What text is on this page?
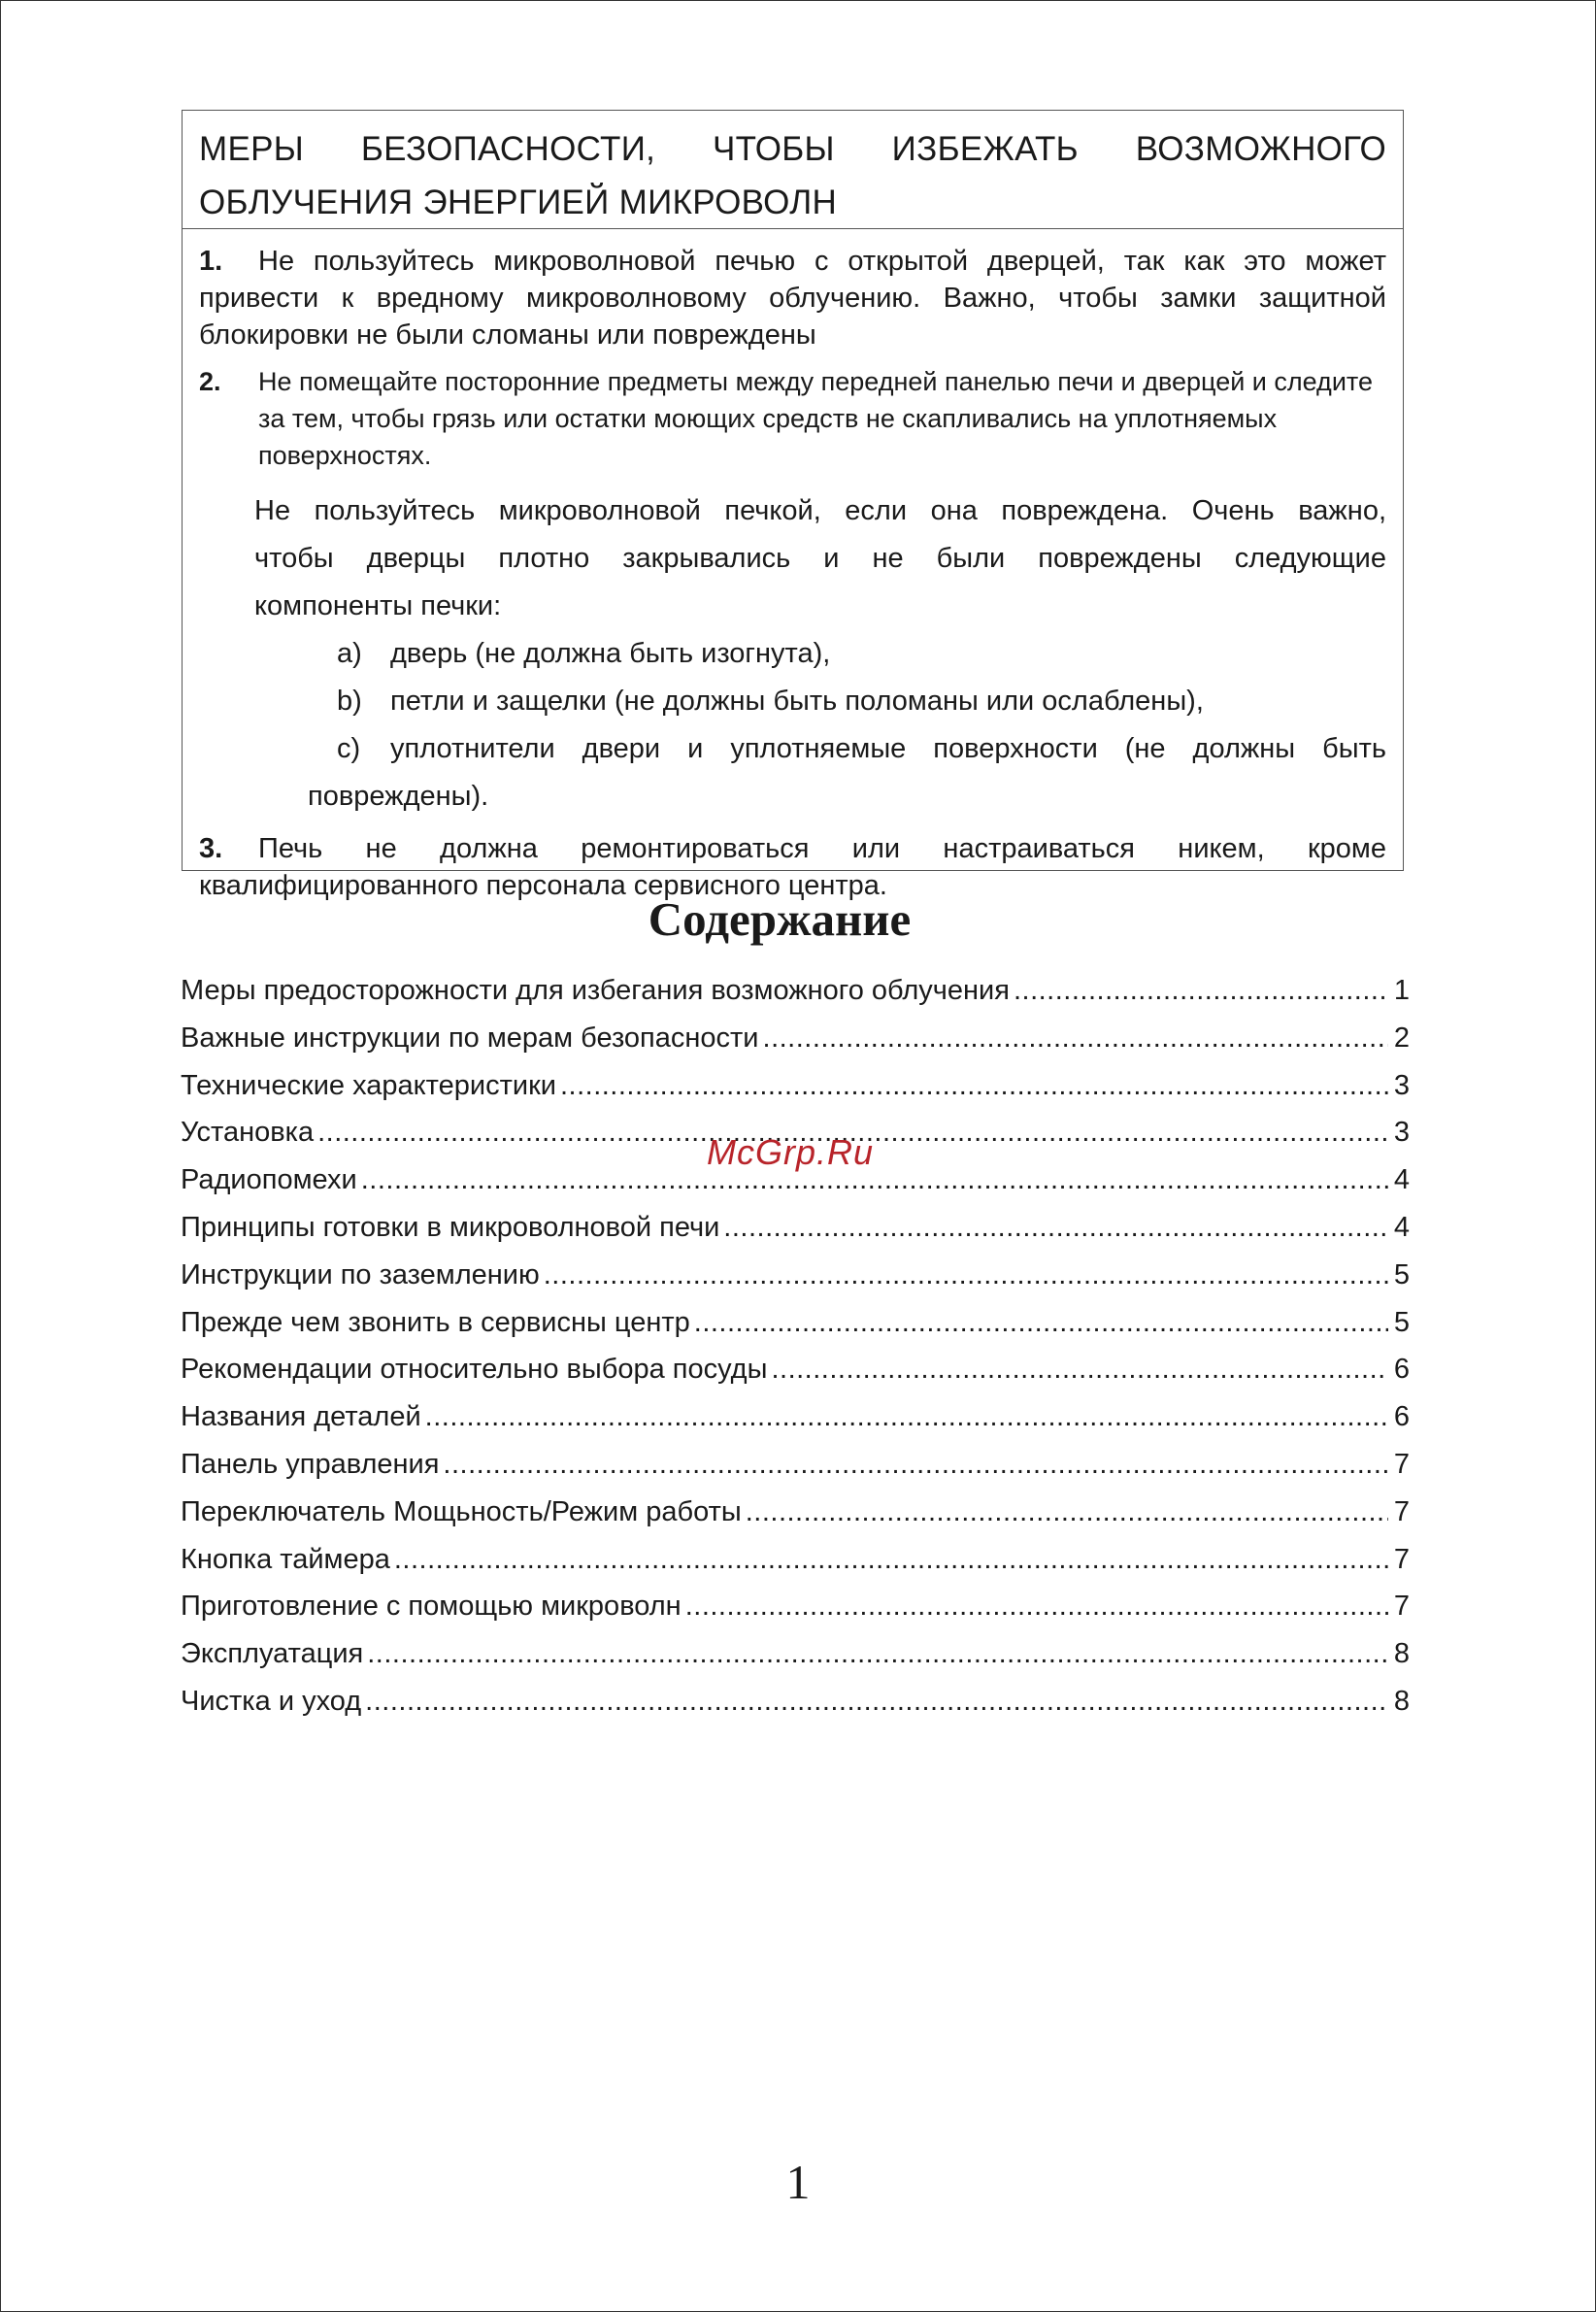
МЕРЫ БЕЗОПАСНОСТИ, ЧТОБЫ ИЗБЕЖАТЬ ВОЗМОЖНОГО
ОБЛУЧЕНИЯ ЭНЕРГИЕЙ МИКРОВОЛН
1. Не пользуйтесь микроволновой печью с открытой дверцей, так как это может
привести к вредному микроволновому облучению. Важно, чтобы замки защитной
блокировки не были сломаны или повреждены
2.	Не помещайте посторонние предметы между передней панелью печи и дверцей и следите за тем, чтобы грязь или остатки моющих средств не скапливались на уплотняемых поверхностях.
Не пользуйтесь микроволновой печкой, если она повреждена. Очень важно,
чтобы дверцы плотно закрывались и не были повреждены следующие
компоненты печки:
a) дверь (не должна быть изогнута),
b) петли и защелки (не должны быть поломаны или ослаблены),
c) уплотнители двери и уплотняемые поверхности (не должны быть
повреждены).
3. Печь не должна ремонтироваться или настраиваться никем, кроме
квалифицированного персонала сервисного центра.
Содержание
Меры предосторожности для избегания возможного облучения .....	1
Важные инструкции по мерам безопасности .....	2
Технические характеристики .....	3
Установка .....	3
Радиопомехи .....	4
Принципы готовки в микроволновой печи .....	4
Инструкции по заземлению .....	5
Прежде чем звонить в сервисны центр .....	5
Рекомендации относительно выбора посуды .....	6
Названия деталей .....	6
Панель управления .....	7
Переключатель Мощьность/Режим работы .....	7
Кнопка таймера .....	7
Приготовление с помощью микроволн .....	7
Эксплуатация .....	8
Чистка и уход .....	8
McGrp.Ru
1
